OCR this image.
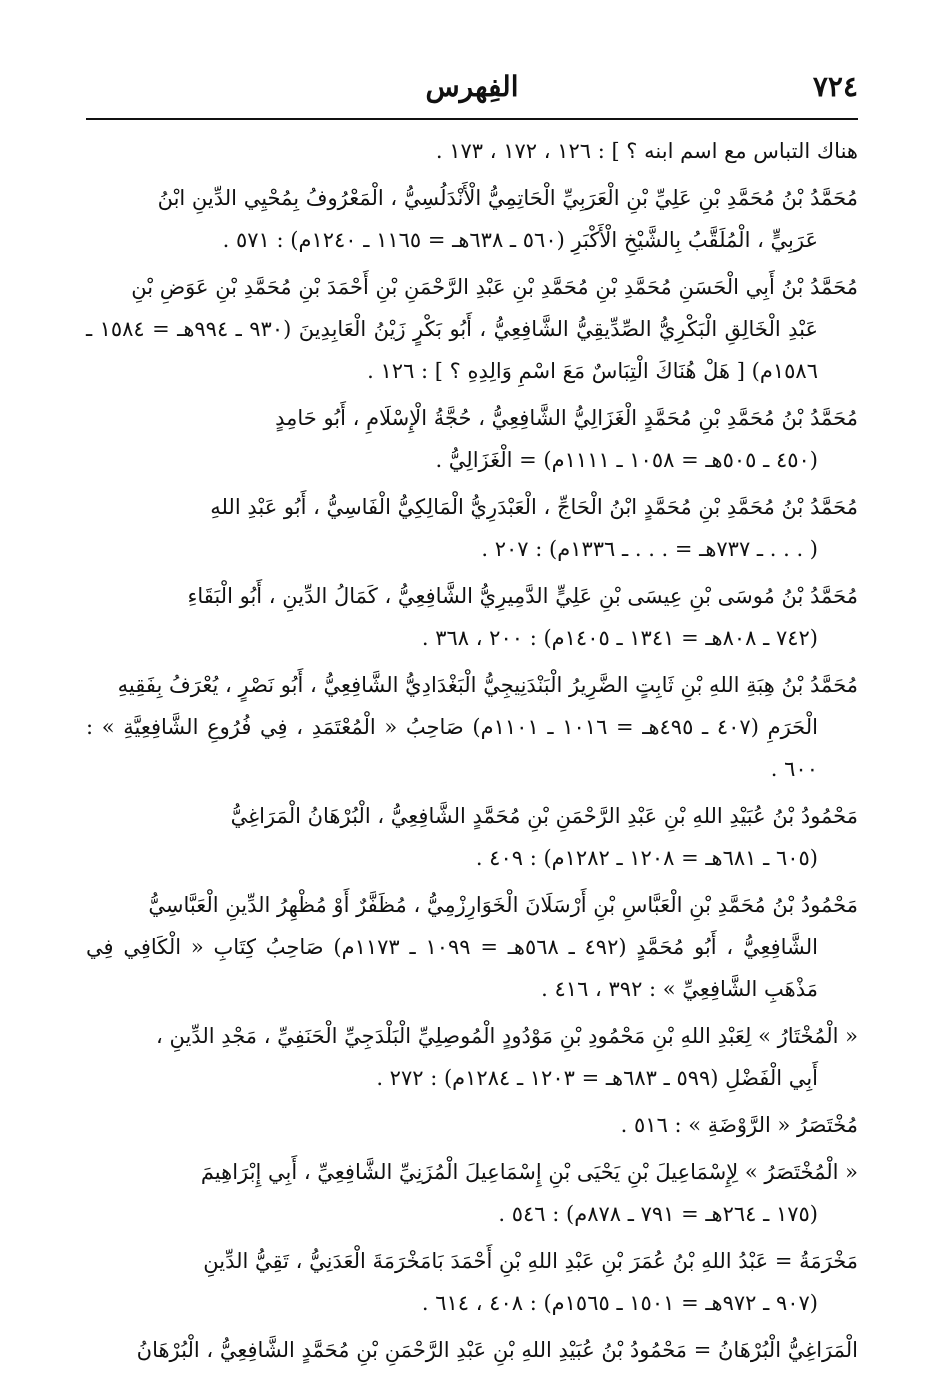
٧٢٤
الفِهرس

هناك التباس مع اسم ابنه ؟ ] : ١٢٦ ، ١٧٢ ، ١٧٣ .

مُحَمَّدُ بْنُ مُحَمَّدِ بْنِ عَلِيِّ بْنِ الْعَرَبِيِّ الْحَاتِمِيُّ الْأَنْدَلُسِيُّ ، الْمَعْرُوفُ بِمُحْيِي الدِّينِ ابْنُ
عَرَبِيٍّ ، الْمُلَقَّبُ بِالشَّيْخِ الْأَكْبَرِ (٥٦٠ ـ ٦٣٨هـ = ١١٦٥ ـ ١٢٤٠م) : ٥٧١ .

مُحَمَّدُ بْنُ أَبِي الْحَسَنِ مُحَمَّدِ بْنِ مُحَمَّدِ بْنِ عَبْدِ الرَّحْمَنِ بْنِ أَحْمَدَ بْنِ مُحَمَّدِ بْنِ عَوَضِ بْنِ
عَبْدِ الْخَالِقِ الْبَكْرِيُّ الصِّدِّيقِيُّ الشَّافِعِيُّ ، أَبُو بَكْرٍ زَيْنُ الْعَابِدِينَ (٩٣٠ ـ ٩٩٤هـ = ١٥٨٤ ـ ١٥٨٦م) [ هَلْ هُنَاكَ الْتِبَاسٌ مَعَ اسْمِ وَالِدِهِ ؟ ] : ١٢٦ .

مُحَمَّدُ بْنُ مُحَمَّدِ بْنِ مُحَمَّدٍ الْغَزَالِيُّ الشَّافِعِيُّ ، حُجَّةُ الْإِسْلَامِ ، أَبُو حَامِدٍ
(٤٥٠ ـ ٥٠٥هـ = ١٠٥٨ ـ ١١١١م) = الْغَزَالِيُّ .

مُحَمَّدُ بْنُ مُحَمَّدِ بْنِ مُحَمَّدٍ ابْنُ الْحَاجِّ ، الْعَبْدَرِيُّ الْمَالِكِيُّ الْفَاسِيُّ ، أَبُو عَبْدِ اللهِ
( . . . ـ ٧٣٧هـ = . . . ـ ١٣٣٦م) : ٢٠٧ .

مُحَمَّدُ بْنُ مُوسَى بْنِ عِيسَى بْنِ عَلِيٍّ الدَّمِيرِيُّ الشَّافِعِيُّ ، كَمَالُ الدِّينِ ، أَبُو الْبَقَاءِ
(٧٤٢ ـ ٨٠٨هـ = ١٣٤١ ـ ١٤٠٥م) : ٢٠٠ ، ٣٦٨ .

مُحَمَّدُ بْنُ هِبَةِ اللهِ بْنِ ثَابِتٍ الضَّرِيرُ الْبَنْدَنِيجِيُّ الْبَغْدَادِيُّ الشَّافِعِيُّ ، أَبُو نَصْرٍ ، يُعْرَفُ بِفَقِيهِ
الْحَرَمِ (٤٠٧ ـ ٤٩٥هـ = ١٠١٦ ـ ١١٠١م) صَاحِبُ « الْمُعْتَمَدِ ، فِي فُرُوعِ الشَّافِعِيَّةِ » : ٦٠٠ .

مَحْمُودُ بْنُ عُبَيْدِ اللهِ بْنِ عَبْدِ الرَّحْمَنِ بْنِ مُحَمَّدٍ الشَّافِعِيُّ ، الْبُرْهَانُ الْمَرَاغِيُّ
(٦٠٥ ـ ٦٨١هـ = ١٢٠٨ ـ ١٢٨٢م) : ٤٠٩ .

مَحْمُودُ بْنُ مُحَمَّدِ بْنِ الْعَبَّاسِ بْنِ أَرْسَلَانَ الْخَوَارِزْمِيُّ ، مُظَفَّرٌ أَوْ مُظْهِرُ الدِّينِ الْعَبَّاسِيُّ
الشَّافِعِيُّ ، أَبُو مُحَمَّدٍ (٤٩٢ ـ ٥٦٨هـ = ١٠٩٩ ـ ١١٧٣م) صَاحِبُ كِتَابِ « الْكَافِي فِي مَذْهَبِ الشَّافِعِيِّ » : ٣٩٢ ، ٤١٦ .

« الْمُخْتَارُ » لِعَبْدِ اللهِ بْنِ مَحْمُودِ بْنِ مَوْدُودٍ الْمُوصِلِيِّ الْبَلْدَجِيِّ الْحَنَفِيِّ ، مَجْدِ الدِّينِ ،
أَبِي الْفَضْلِ (٥٩٩ ـ ٦٨٣هـ = ١٢٠٣ ـ ١٢٨٤م) : ٢٧٢ .

مُخْتَصَرُ « الرَّوْضَةِ » : ٥١٦ .

« الْمُخْتَصَرُ » لِإِسْمَاعِيلَ بْنِ يَحْيَى بْنِ إِسْمَاعِيلَ الْمُزَنِيِّ الشَّافِعِيِّ ، أَبِي إِبْرَاهِيمَ
(١٧٥ ـ ٢٦٤هـ = ٧٩١ ـ ٨٧٨م) : ٥٤٦ .

مَخْرَمَةُ = عَبْدُ اللهِ بْنُ عُمَرَ بْنِ عَبْدِ اللهِ بْنِ أَحْمَدَ بَامَخْرَمَةَ الْعَدَنِيُّ ، تَقِيُّ الدِّينِ
(٩٠٧ ـ ٩٧٢هـ = ١٥٠١ ـ ١٥٦٥م) : ٤٠٨ ، ٦١٤ .

الْمَرَاغِيُّ الْبُرْهَانُ = مَحْمُودُ بْنُ عُبَيْدِ اللهِ بْنِ عَبْدِ الرَّحْمَنِ بْنِ مُحَمَّدٍ الشَّافِعِيُّ ، الْبُرْهَانُ
